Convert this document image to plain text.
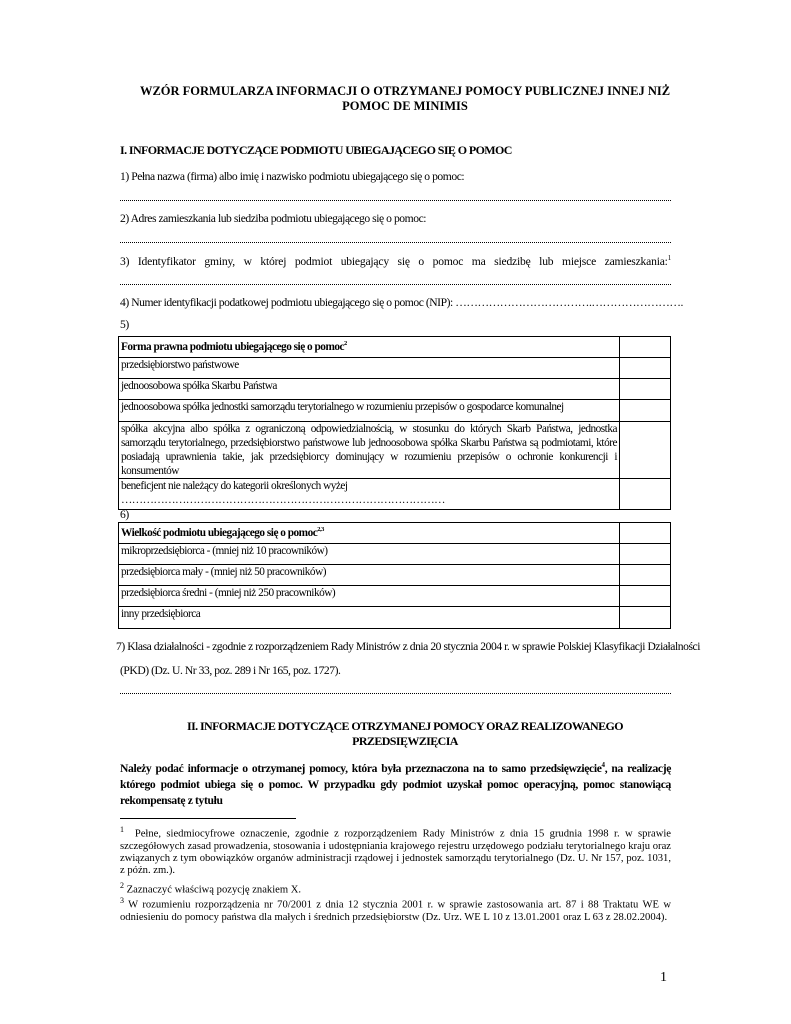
WZÓR FORMULARZA INFORMACJI O OTRZYMANEJ POMOCY PUBLICZNEJ INNEJ NIŻ POMOC DE MINIMIS
I. INFORMACJE DOTYCZĄCE PODMIOTU UBIEGAJĄCEGO SIĘ O POMOC
1) Pełna nazwa (firma) albo imię i nazwisko podmiotu ubiegającego się o pomoc:
2) Adres zamieszkania lub siedziba podmiotu ubiegającego się o pomoc:
3) Identyfikator gminy, w której podmiot ubiegający się o pomoc ma siedzibę lub miejsce zamieszkania:$^1$
4) Numer identyfikacji podatkowej podmiotu ubiegającego się o pomoc (NIP): ……………………………….…………………….
5)
Forma prawna podmiotu ubiegającego się o pomoc$^2$	
przedsiębiorstwo państwowe	
jednoosobowa spółka Skarbu Państwa	
jednoosobowa spółka jednostki samorządu terytorialnego w rozumieniu przepisów o gospodarce komunalnej	
spółka akcyjna albo spółka z ograniczoną odpowiedzialnością, w stosunku do których Skarb Państwa, jednostka samorządu terytorialnego, przedsiębiorstwo państwowe lub jednoosobowa spółka Skarbu Państwa są podmiotami, które posiadają uprawnienia takie, jak przedsiębiorcy dominujący w rozumieniu przepisów o ochronie konkurencji i konsumentów	

beneficjent nie należący do kategorii określonych wyżej
………………………………………………………………………………	

6)
Wielkość podmiotu ubiegającego się o pomoc$^{2,3}$	
mikroprzedsiębiorca - (mniej niż 10 pracowników)	
przedsiębiorca mały - (mniej niż 50 pracowników)	
przedsiębiorca średni - (mniej niż 250 pracowników)	
inny przedsiębiorca	
7) Klasa działalności - zgodnie z rozporządzeniem Rady Ministrów z dnia 20 stycznia 2004 r. w sprawie Polskiej Klasyfikacji Działalności
(PKD) (Dz. U. Nr 33, poz. 289 i Nr 165, poz. 1727).
II. INFORMACJE DOTYCZĄCE OTRZYMANEJ POMOCY ORAZ REALIZOWANEGO
PRZEDSIĘWZIĘCIA
Należy podać informacje o otrzymanej pomocy, która była przeznaczona na to samo przedsięwzięcie$^4$, na realizację którego podmiot ubiega się o pomoc. W przypadku gdy podmiot uzyskał pomoc operacyjną, pomoc stanowiącą rekompensatę z tytułu
$^1$ Pełne, siedmiocyfrowe oznaczenie, zgodnie z rozporządzeniem Rady Ministrów z dnia 15 grudnia 1998 r. w sprawie szczegółowych zasad prowadzenia, stosowania i udostępniania krajowego rejestru urzędowego podziału terytorialnego kraju oraz związanych z tym obowiązków organów administracji rządowej i jednostek samorządu terytorialnego (Dz. U. Nr 157, poz. 1031, z późn. zm.).
$^2$ Zaznaczyć właściwą pozycję znakiem X.
$^3$ W rozumieniu rozporządzenia nr 70/2001 z dnia 12 stycznia 2001 r. w sprawie zastosowania art. 87 i 88 Traktatu WE w odniesieniu do pomocy państwa dla małych i średnich przedsiębiorstw (Dz. Urz. WE L 10 z 13.01.2001 oraz L 63 z 28.02.2004).
1
